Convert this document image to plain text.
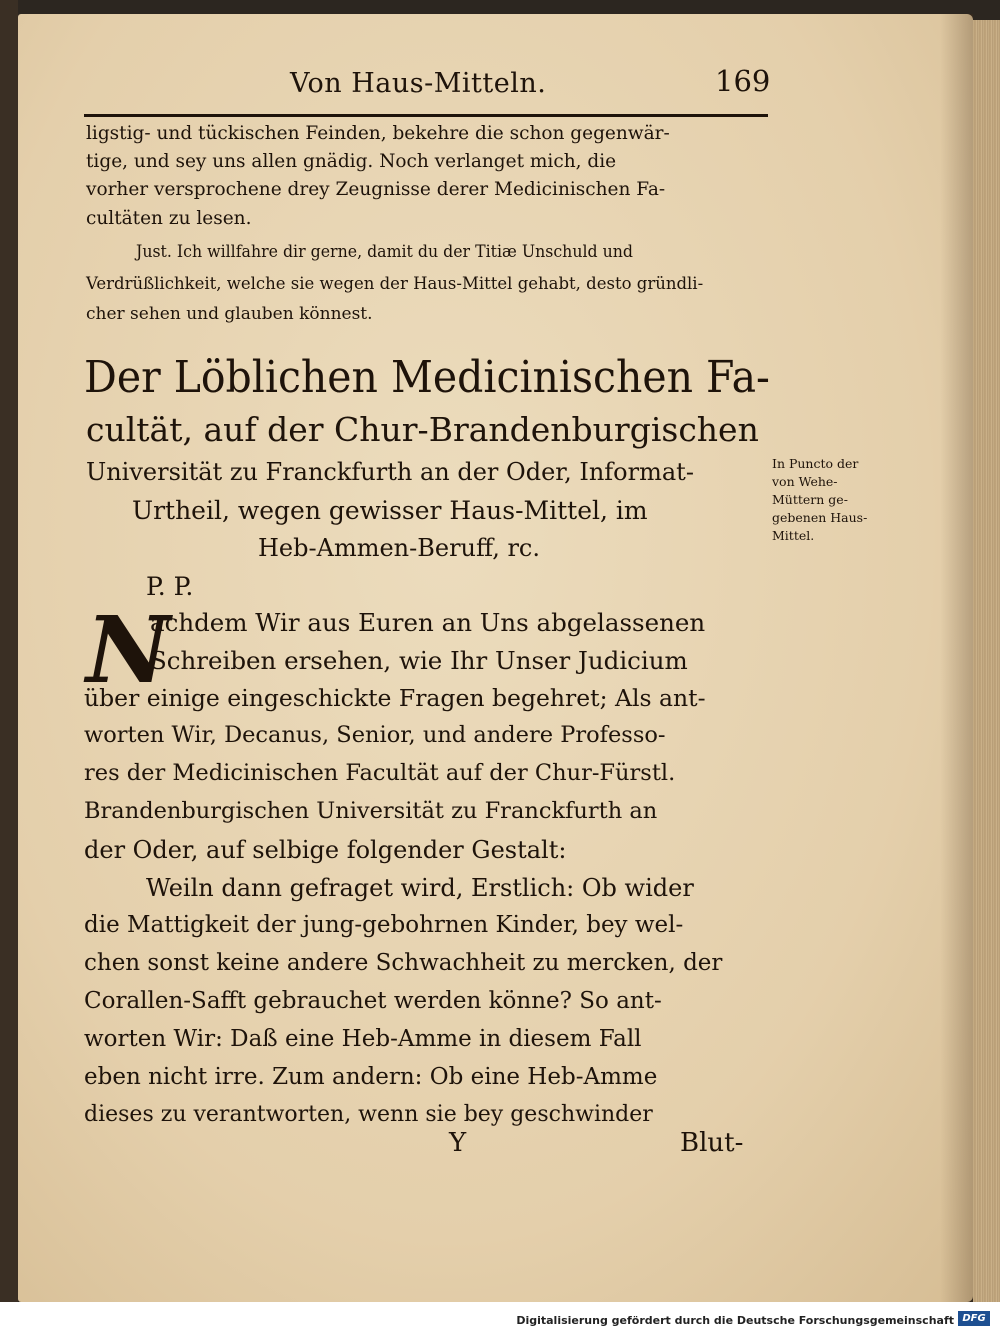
Von Haus-Mitteln.	169
ligstig- und tückischen Feinden, bekehre die schon gegenwär-
tige, und sey uns allen gnädig. Noch verlanget mich, die
vorher versprochene drey Zeugnisse derer Medicinischen Fa-
cultäten zu lesen.
Just. Ich willfahre dir gerne, damit du der Titiæ Unschuld und
Verdrüßlichkeit, welche sie wegen der Haus-Mittel gehabt, desto gründli-
cher sehen und glauben könnest.
Der Löblichen Medicinischen Fa-
cultät, auf der Chur-Brandenburgischen
Universität zu Franckfurth an der Oder, Informat-
Urtheil, wegen gewisser Haus-Mittel, im
Heb-Ammen-Beruff, rc.
In Puncto der von Wehe-Müttern ge-gebenen Haus-Mittel.
P. P.
N
achdem Wir aus Euren an Uns abgelassenen
Schreiben ersehen, wie Ihr Unser Judicium
über einige eingeschickte Fragen begehret; Als ant-
worten Wir, Decanus, Senior, und andere Professo-
res der Medicinischen Facultät auf der Chur-Fürstl.
Brandenburgischen Universität zu Franckfurth an
der Oder, auf selbige folgender Gestalt:
Weiln dann gefraget wird, Erstlich: Ob wider
die Mattigkeit der jung-gebohrnen Kinder, bey wel-
chen sonst keine andere Schwachheit zu mercken, der
Corallen-Safft gebrauchet werden könne? So ant-
worten Wir: Daß eine Heb-Amme in diesem Fall
eben nicht irre. Zum andern: Ob eine Heb-Amme
dieses zu verantworten, wenn sie bey geschwinder
Y	Blut-
Digitalisierung gefördert durch die Deutsche Forschungsgemeinschaft DFG
